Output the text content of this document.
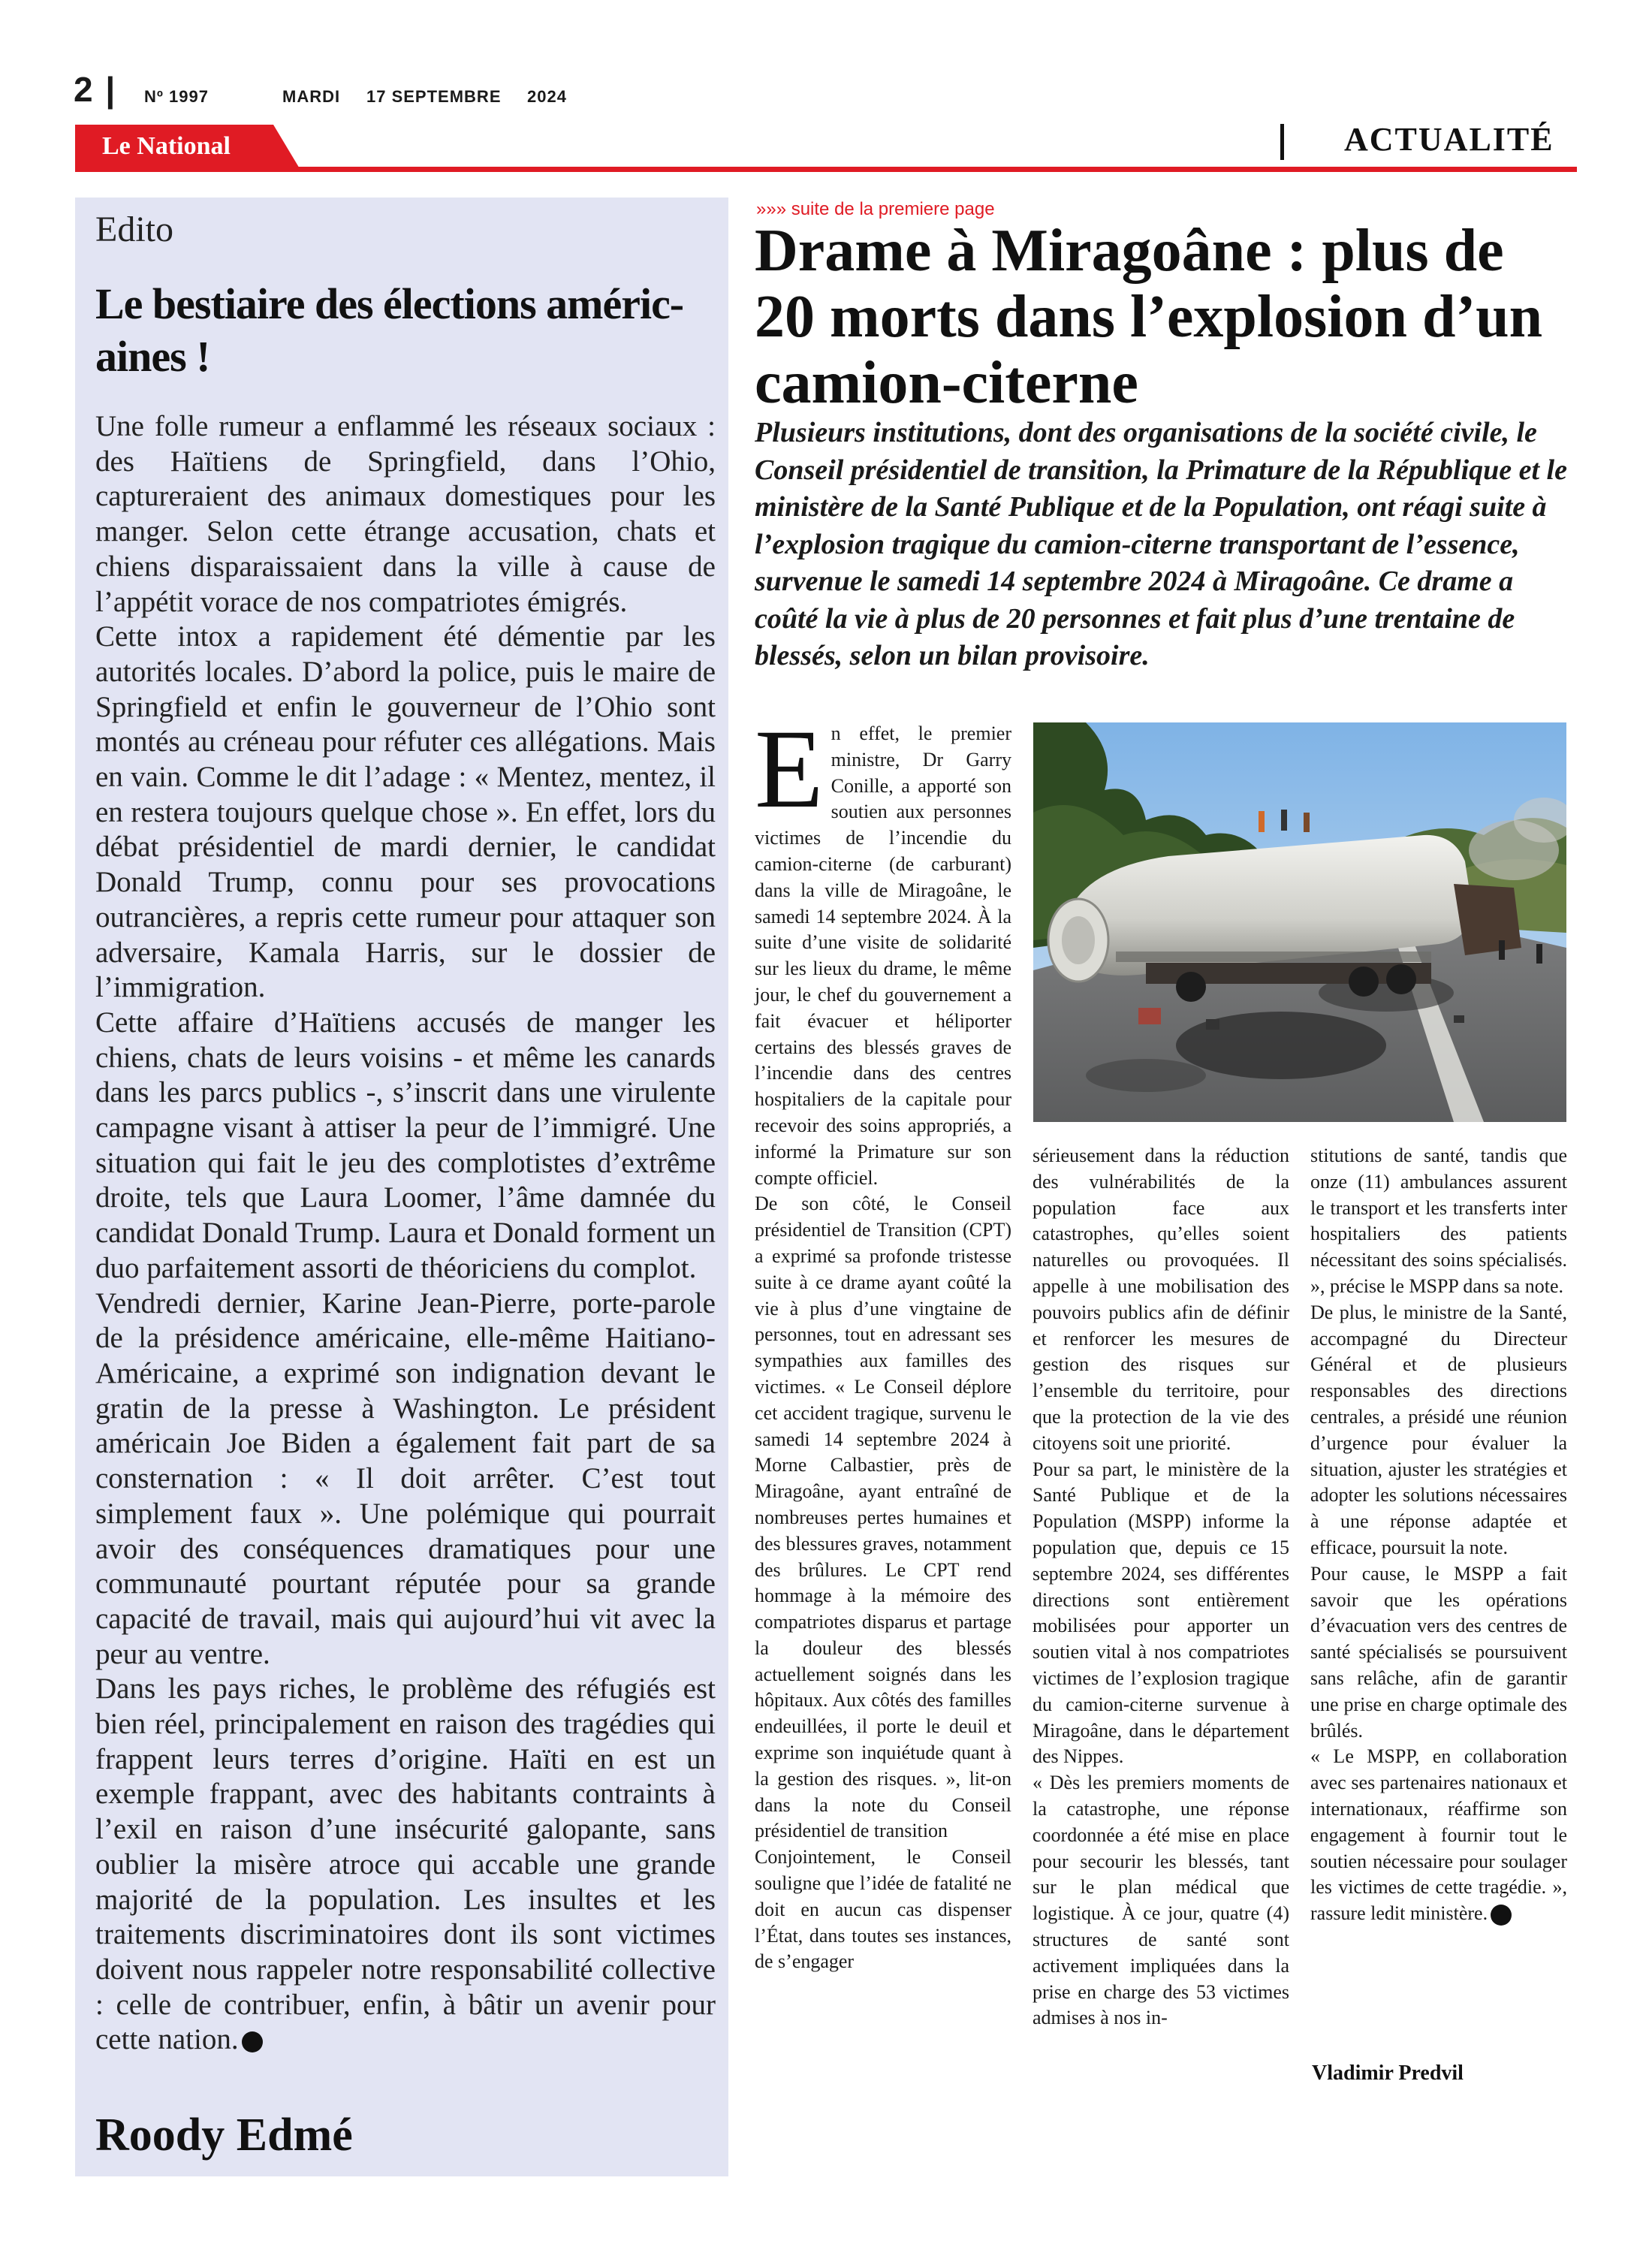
2 | Nº 1997	MARDI 17 SEPTEMBRE 2024
Le National	ACTUALITÉ
Edito
Le bestiaire des élections améric-aines !

Une folle rumeur a enflammé les réseaux sociaux : des Haïtiens de Springfield, dans l’Ohio, captureraient des animaux domestiques pour les manger. Selon cette étrange accusation, chats et chiens disparaissaient dans la ville à cause de l’appétit vorace de nos compatriotes émigrés.

Cette intox a rapidement été démentie par les autorités locales. D’abord la police, puis le maire de Springfield et enfin le gouverneur de l’Ohio sont montés au créneau pour réfuter ces allégations. Mais en vain. Comme le dit l’adage : « Mentez, mentez, il en restera toujours quelque chose ». En effet, lors du débat présidentiel de mardi dernier, le candidat Donald Trump, connu pour ses provocations outrancières, a repris cette rumeur pour attaquer son adversaire, Kamala Harris, sur le dossier de l’immigration.

Cette affaire d’Haïtiens accusés de manger les chiens, chats de leurs voisins - et même les canards dans les parcs publics -, s’inscrit dans une virulente campagne visant à attiser la peur de l’immigré. Une situation qui fait le jeu des complotistes d’extrême droite, tels que Laura Loomer, l’âme damnée du candidat Donald Trump. Laura et Donald forment un duo parfaitement assorti de théoriciens du complot.

Vendredi dernier, Karine Jean-Pierre, porte-parole de la présidence américaine, elle-même Haitiano-Américaine, a exprimé son indignation devant le gratin de la presse à Washington. Le président américain Joe Biden a également fait part de sa consternation : « Il doit arrêter. C’est tout simplement faux ». Une polémique qui pourrait avoir des conséquences dramatiques pour une communauté pourtant réputée pour sa grande capacité de travail, mais qui aujourd’hui vit avec la peur au ventre.

Dans les pays riches, le problème des réfugiés est bien réel, principalement en raison des tragédies qui frappent leurs terres d’origine. Haïti en est un exemple frappant, avec des habitants contraints à l’exil en raison d’une insécurité galopante, sans oublier la misère atroce qui accable une grande majorité de la population. Les insultes et les traitements discriminatoires dont ils sont victimes doivent nous rappeler notre responsabilité collective : celle de contribuer, enfin, à bâtir un avenir pour cette nation.

Roody Edmé
»»» suite de la premiere page
Drame à Miragoâne : plus de 20 morts dans l’explosion d’un camion-citerne
Plusieurs institutions, dont des organisations de la société civile, le Conseil présidentiel de transition, la Primature de la République et le ministère de la Santé Publique et de la Population, ont réagi suite à l’explosion tragique du camion-citerne transportant de l’essence, survenue le samedi 14 septembre 2024 à Miragoâne. Ce drame a coûté la vie à plus de 20 personnes et fait plus d’une trentaine de blessés, selon un bilan provisoire.

En effet, le premier ministre, Dr Garry Conille, a apporté son soutien aux personnes victimes de l’incendie du camion-citerne (de carburant) dans la ville de Miragoâne, le samedi 14 septembre 2024. À la suite d’une visite de solidarité sur les lieux du drame, le même jour, le chef du gouvernement a fait évacuer et héliporter certains des blessés graves de l’incendie dans des centres hospitaliers de la capitale pour recevoir des soins appropriés, a informé la Primature sur son compte officiel.

De son côté, le Conseil présidentiel de Transition (CPT) a exprimé sa profonde tristesse suite à ce drame ayant coûté la vie à plus d’une vingtaine de personnes, tout en adressant ses sympathies aux familles des victimes. « Le Conseil déplore cet accident tragique, survenu le samedi 14 septembre 2024 à Morne Calbastier, près de Miragoâne, ayant entraîné de nombreuses pertes humaines et des blessures graves, notamment des brûlures. Le CPT rend hommage à la mémoire des compatriotes disparus et partage la douleur des blessés actuellement soignés dans les hôpitaux. Aux côtés des familles endeuillées, il porte le deuil et exprime son inquiétude quant à la gestion des risques. », lit-on dans la note du Conseil présidentiel de transition

Conjointement, le Conseil souligne que l’idée de fatalité ne doit en aucun cas dispenser l’État, dans toutes ses instances, de s’engager

sérieusement dans la réduction des vulnérabilités de la population face aux catastrophes, qu’elles soient naturelles ou provoquées. Il appelle à une mobilisation des pouvoirs publics afin de définir et renforcer les mesures de gestion des risques sur l’ensemble du territoire, pour que la protection de la vie des citoyens soit une priorité.

Pour sa part, le ministère de la Santé Publique et de la Population (MSPP) informe la population que, depuis ce 15 septembre 2024, ses différentes directions sont entièrement mobilisées pour apporter un soutien vital à nos compatriotes victimes de l’explosion tragique du camion-citerne survenue à Miragoâne, dans le département des Nippes.

« Dès les premiers moments de la catastrophe, une réponse coordonnée a été mise en place pour secourir les blessés, tant sur le plan médical que logistique. À ce jour, quatre (4) structures de santé sont activement impliquées dans la prise en charge des 53 victimes admises à nos in-

stitutions de santé, tandis que onze (11) ambulances assurent le transport et les transferts inter hospitaliers des patients nécessitant des soins spécialisés. », précise le MSPP dans sa note.

De plus, le ministre de la Santé, accompagné du Directeur Général et de plusieurs responsables des directions centrales, a présidé une réunion d’urgence pour évaluer la situation, ajuster les stratégies et adopter les solutions nécessaires à une réponse adaptée et efficace, poursuit la note.

Pour cause, le MSPP a fait savoir que les opérations d’évacuation vers des centres de santé spécialisés se poursuivent sans relâche, afin de garantir une prise en charge optimale des brûlés.

« Le MSPP, en collaboration avec ses partenaires nationaux et internationaux, réaffirme son engagement à fournir tout le soutien nécessaire pour soulager les victimes de cette tragédie. », rassure ledit ministère.

Vladimir Predvil
